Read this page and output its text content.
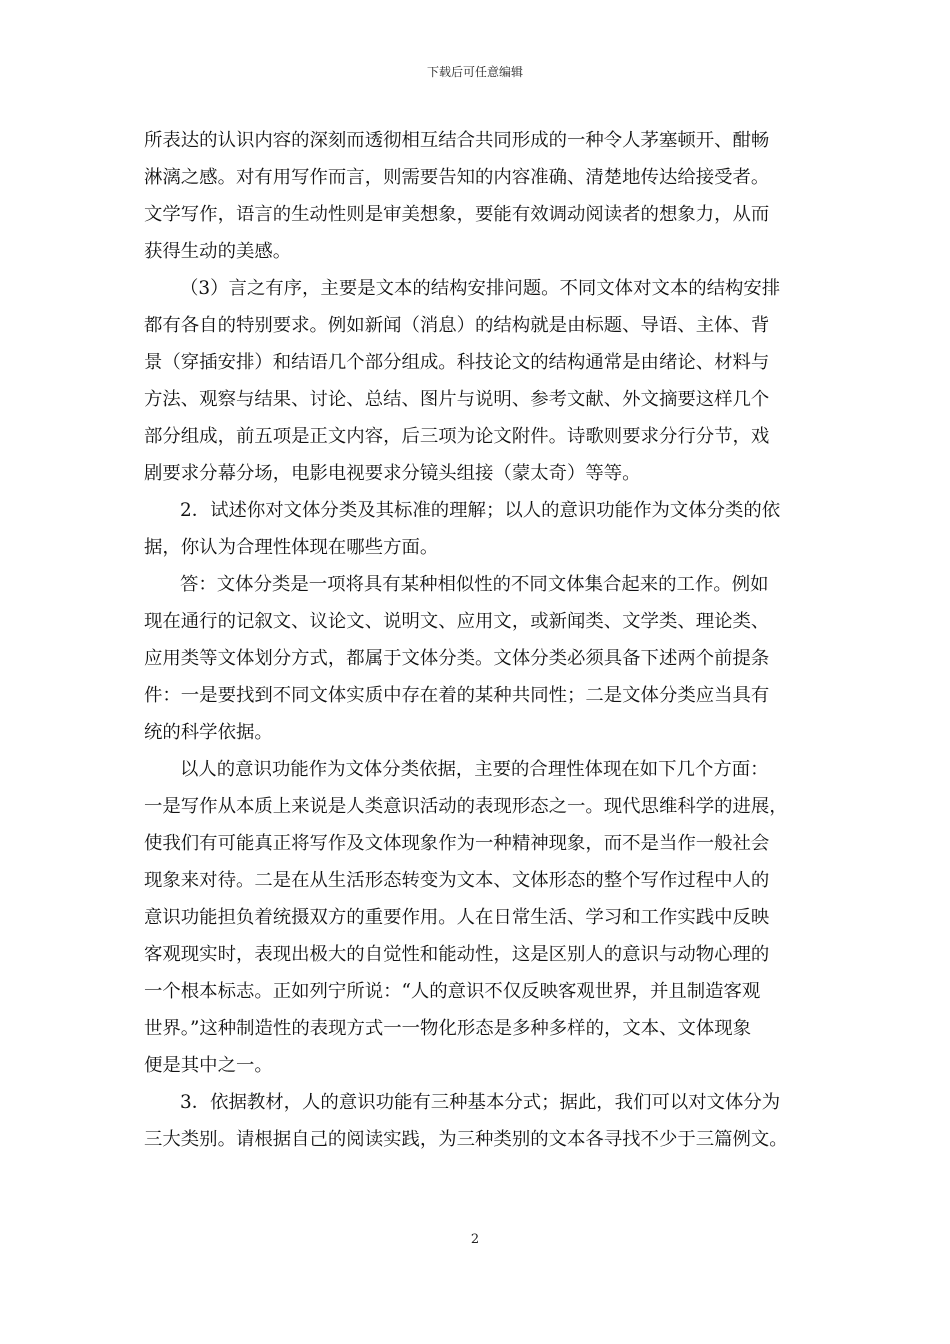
下载后可任意编辑
所表达的认识内容的深刻而透彻相互结合共同形成的一种令人茅塞顿开、酣畅
淋漓之感。对有用写作而言，则需要告知的内容准确、清楚地传达给接受者。
文学写作，语言的生动性则是审美想象，要能有效调动阅读者的想象力，从而
获得生动的美感。
（3）言之有序，主要是文本的结构安排问题。不同文体对文本的结构安排
都有各自的特别要求。例如新闻（消息）的结构就是由标题、导语、主体、背
景（穿插安排）和结语几个部分组成。科技论文的结构通常是由绪论、材料与
方法、观察与结果、讨论、总结、图片与说明、参考文献、外文摘要这样几个
部分组成，前五项是正文内容，后三项为论文附件。诗歌则要求分行分节，戏
剧要求分幕分场，电影电视要求分镜头组接（蒙太奇）等等。
2．试述你对文体分类及其标准的理解；以人的意识功能作为文体分类的依
据，你认为合理性体现在哪些方面。
答：文体分类是一项将具有某种相似性的不同文体集合起来的工作。例如
现在通行的记叙文、议论文、说明文、应用文，或新闻类、文学类、理论类、
应用类等文体划分方式，都属于文体分类。文体分类必须具备下述两个前提条
件：一是要找到不同文体实质中存在着的某种共同性；二是文体分类应当具有
统的科学依据。
以人的意识功能作为文体分类依据，主要的合理性体现在如下几个方面：
一是写作从本质上来说是人类意识活动的表现形态之一。现代思维科学的进展，
使我们有可能真正将写作及文体现象作为一种精神现象，而不是当作一般社会
现象来对待。二是在从生活形态转变为文本、文体形态的整个写作过程中人的
意识功能担负着统摄双方的重要作用。人在日常生活、学习和工作实践中反映
客观现实时，表现出极大的自觉性和能动性，这是区别人的意识与动物心理的
一个根本标志。正如列宁所说：“人的意识不仅反映客观世界，并且制造客观
世界。”这种制造性的表现方式一一物化形态是多种多样的，文本、文体现象
便是其中之一。
3．依据教材，人的意识功能有三种基本分式；据此，我们可以对文体分为
三大类别。请根据自己的阅读实践，为三种类别的文本各寻找不少于三篇例文。
2
